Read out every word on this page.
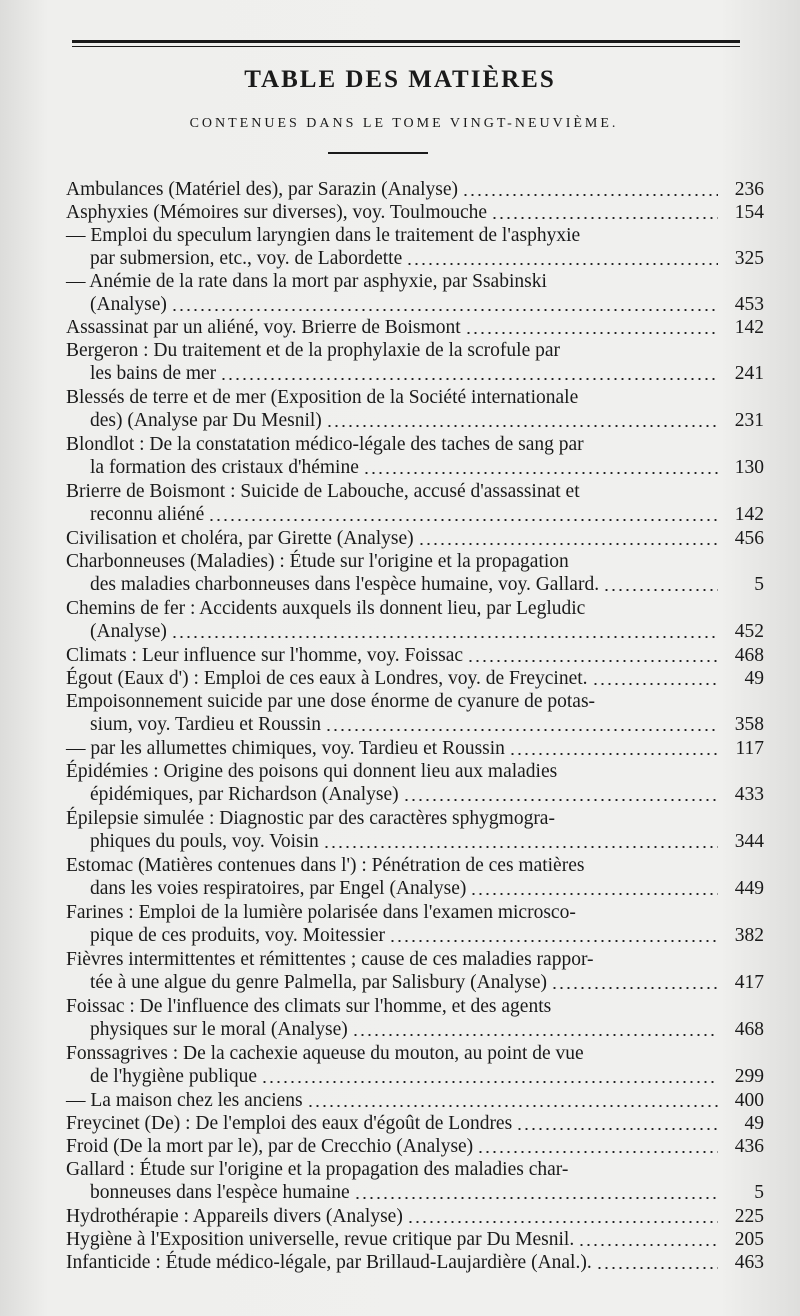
TABLE DES MATIÈRES
CONTENUES DANS LE TOME VINGT-NEUVIÈME.
Ambulances (Matériel des), par Sarazin (Analyse)	236
Asphyxies (Mémoires sur diverses), voy. Toulmouche	154
— Emploi du speculum laryngien dans le traitement de l'asphyxie
par submersion, etc., voy. de Labordette	325
— Anémie de la rate dans la mort par asphyxie, par Ssabinski
(Analyse)	453
Assassinat par un aliéné, voy. Brierre de Boismont	142
Bergeron : Du traitement et de la prophylaxie de la scrofule par
les bains de mer	241
Blessés de terre et de mer (Exposition de la Société internationale
des) (Analyse par Du Mesnil)	231
Blondlot : De la constatation médico-légale des taches de sang par
la formation des cristaux d'hémine	130
Brierre de Boismont : Suicide de Labouche, accusé d'assassinat et
reconnu aliéné	142
Civilisation et choléra, par Girette (Analyse)	456
Charbonneuses (Maladies) : Étude sur l'origine et la propagation
des maladies charbonneuses dans l'espèce humaine, voy. Gallard.	5
Chemins de fer : Accidents auxquels ils donnent lieu, par Legludic
(Analyse)	452
Climats : Leur influence sur l'homme, voy. Foissac	468
Égout (Eaux d') : Emploi de ces eaux à Londres, voy. de Freycinet.	49
Empoisonnement suicide par une dose énorme de cyanure de potas-
sium, voy. Tardieu et Roussin	358
— par les allumettes chimiques, voy. Tardieu et Roussin	117
Épidémies : Origine des poisons qui donnent lieu aux maladies
épidémiques, par Richardson (Analyse)	433
Épilepsie simulée : Diagnostic par des caractères sphygmogra-
phiques du pouls, voy. Voisin	344
Estomac (Matières contenues dans l') : Pénétration de ces matières
dans les voies respiratoires, par Engel (Analyse)	449
Farines : Emploi de la lumière polarisée dans l'examen microsco-
pique de ces produits, voy. Moitessier	382
Fièvres intermittentes et rémittentes ; cause de ces maladies rappor-
tée à une algue du genre Palmella, par Salisbury (Analyse)	417
Foissac : De l'influence des climats sur l'homme, et des agents
physiques sur le moral (Analyse)	468
Fonssagrives : De la cachexie aqueuse du mouton, au point de vue
de l'hygiène publique	299
— La maison chez les anciens	400
Freycinet (De) : De l'emploi des eaux d'égoût de Londres	49
Froid (De la mort par le), par de Crecchio (Analyse)	436
Gallard : Étude sur l'origine et la propagation des maladies char-
bonneuses dans l'espèce humaine	5
Hydrothérapie : Appareils divers (Analyse)	225
Hygiène à l'Exposition universelle, revue critique par Du Mesnil.	205
Infanticide : Étude médico-légale, par Brillaud-Laujardière (Anal.).	463
